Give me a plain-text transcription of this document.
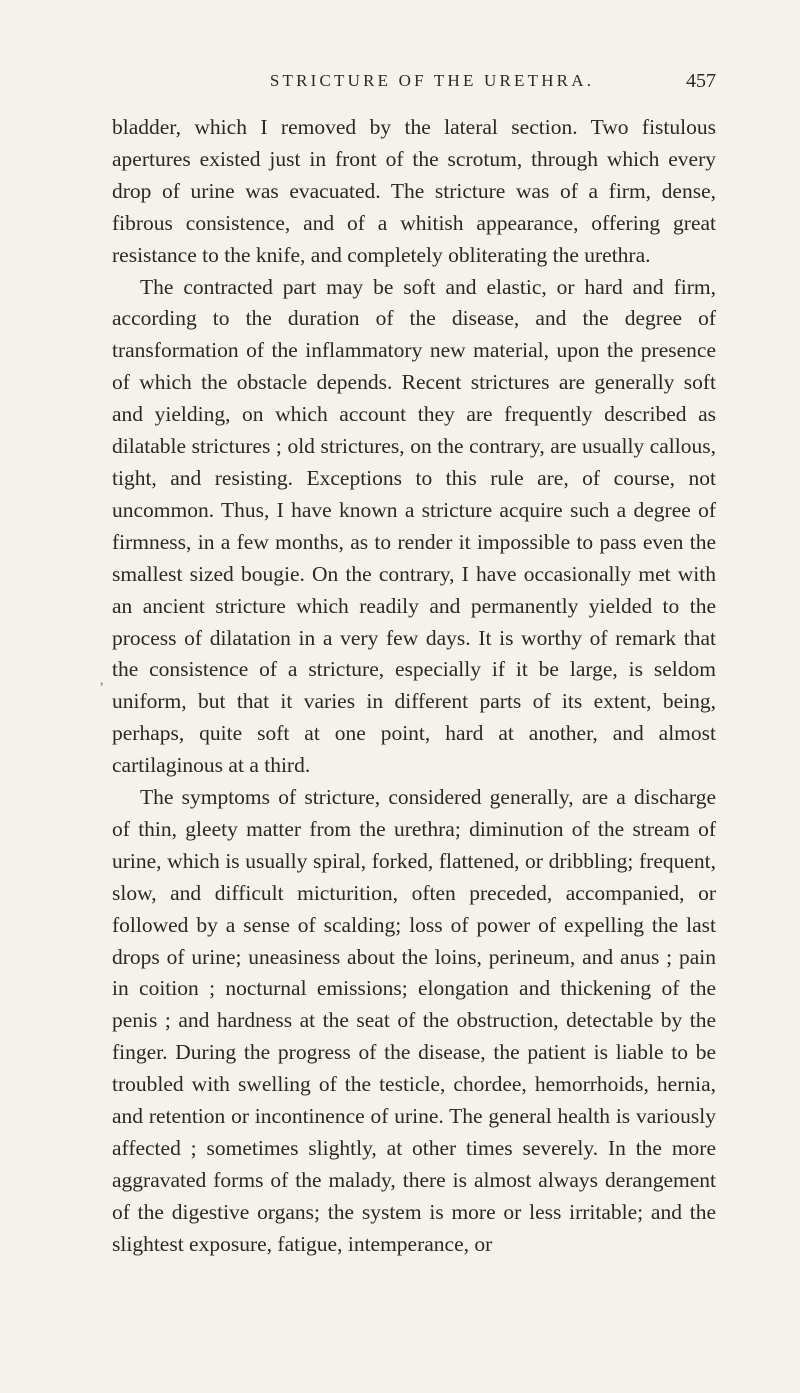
STRICTURE OF THE URETHRA.	457

bladder, which I removed by the lateral section. Two fistulous apertures existed just in front of the scrotum, through which every drop of urine was evacuated. The stricture was of a firm, dense, fibrous consistence, and of a whitish appearance, offering great resistance to the knife, and completely obliterating the urethra.

The contracted part may be soft and elastic, or hard and firm, according to the duration of the disease, and the degree of transformation of the inflammatory new material, upon the presence of which the obstacle depends. Recent strictures are generally soft and yielding, on which account they are frequently described as dilatable strictures ; old strictures, on the contrary, are usually callous, tight, and resisting. Exceptions to this rule are, of course, not uncommon. Thus, I have known a stricture acquire such a degree of firmness, in a few months, as to render it impossible to pass even the smallest sized bougie. On the contrary, I have occasionally met with an ancient stricture which readily and permanently yielded to the process of dilatation in a very few days. It is worthy of remark that the consistence of a stricture, especially if it be large, is seldom uniform, but that it varies in different parts of its extent, being, perhaps, quite soft at one point, hard at another, and almost cartilaginous at a third.

The symptoms of stricture, considered generally, are a discharge of thin, gleety matter from the urethra; diminution of the stream of urine, which is usually spiral, forked, flattened, or dribbling; frequent, slow, and difficult micturition, often preceded, accompanied, or followed by a sense of scalding; loss of power of expelling the last drops of urine; uneasiness about the loins, perineum, and anus ; pain in coition ; nocturnal emissions; elongation and thickening of the penis ; and hardness at the seat of the obstruction, detectable by the finger. During the progress of the disease, the patient is liable to be troubled with swelling of the testicle, chordee, hemorrhoids, hernia, and retention or incontinence of urine. The general health is variously affected ; sometimes slightly, at other times severely. In the more aggravated forms of the malady, there is almost always derangement of the digestive organs; the system is more or less irritable; and the slightest exposure, fatigue, intemperance, or

,
